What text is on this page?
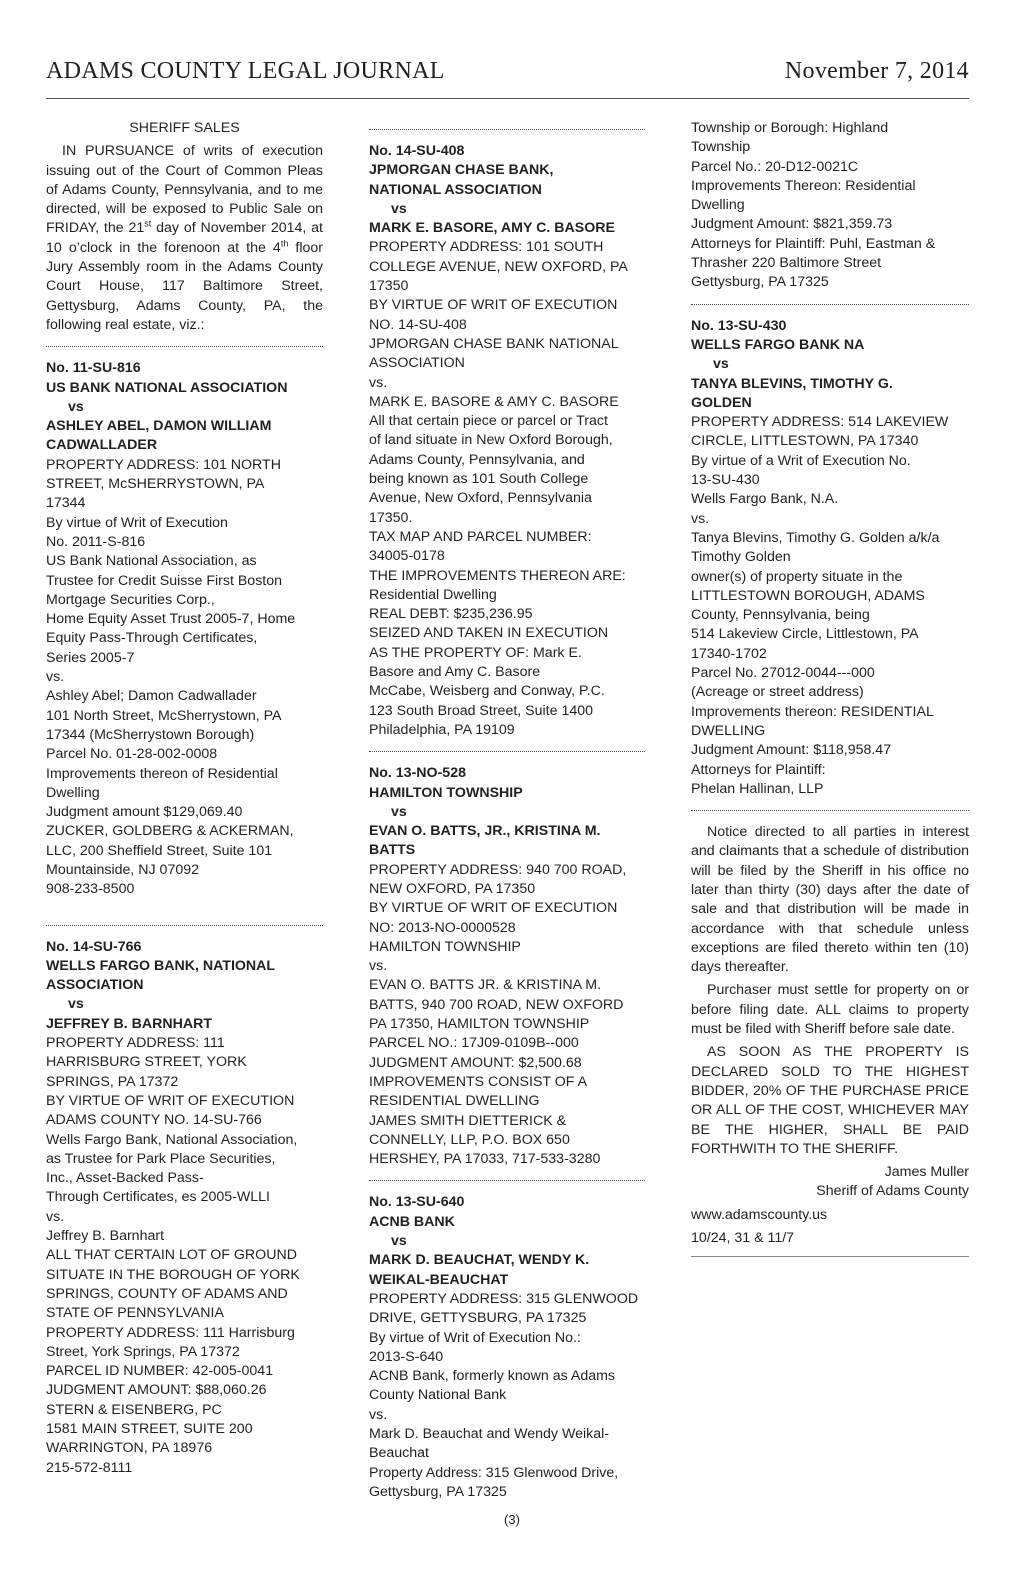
ADAMS COUNTY LEGAL JOURNAL	November 7, 2014
SHERIFF SALES
IN PURSUANCE of writs of execution issuing out of the Court of Common Pleas of Adams County, Pennsylvania, and to me directed, will be exposed to Public Sale on FRIDAY, the 21st day of November 2014, at 10 o’clock in the forenoon at the 4th floor Jury Assembly room in the Adams County Court House, 117 Baltimore Street, Gettysburg, Adams County, PA, the following real estate, viz.:
No. 11-SU-816
US BANK NATIONAL ASSOCIATION
vs
ASHLEY ABEL, DAMON WILLIAM
CADWALLADER
PROPERTY ADDRESS: 101 NORTH
STREET, McSHERRYSTOWN, PA
17344
By virtue of Writ of Execution
No. 2011-S-816
US Bank National Association, as
Trustee for Credit Suisse First Boston
Mortgage Securities Corp.,
Home Equity Asset Trust 2005-7, Home
Equity Pass-Through Certificates,
Series 2005-7
vs.
Ashley Abel; Damon Cadwallader
101 North Street, McSherrystown, PA
17344 (McSherrystown Borough)
Parcel No. 01-28-002-0008
Improvements thereon of Residential
Dwelling
Judgment amount $129,069.40
ZUCKER, GOLDBERG & ACKERMAN,
LLC, 200 Sheffield Street, Suite 101
Mountainside, NJ 07092
908-233-8500
No. 14-SU-766
WELLS FARGO BANK, NATIONAL
ASSOCIATION
vs
JEFFREY B. BARNHART
PROPERTY ADDRESS: 111
HARRISBURG STREET, YORK
SPRINGS, PA 17372
BY VIRTUE OF WRIT OF EXECUTION
ADAMS COUNTY NO. 14-SU-766
Wells Fargo Bank, National Association,
as Trustee for Park Place Securities,
Inc., Asset-Backed Pass-
Through Certificates, es 2005-WLLI
vs.
Jeffrey B. Barnhart
ALL THAT CERTAIN LOT OF GROUND
SITUATE IN THE BOROUGH OF YORK
SPRINGS, COUNTY OF ADAMS AND
STATE OF PENNSYLVANIA
PROPERTY ADDRESS: 111 Harrisburg
Street, York Springs, PA 17372
PARCEL ID NUMBER: 42-005-0041
JUDGMENT AMOUNT: $88,060.26
STERN & EISENBERG, PC
1581 MAIN STREET, SUITE 200
WARRINGTON, PA 18976
215-572-8111
No. 14-SU-408
JPMORGAN CHASE BANK,
NATIONAL ASSOCIATION
vs
MARK E. BASORE, AMY C. BASORE
PROPERTY ADDRESS: 101 SOUTH
COLLEGE AVENUE, NEW OXFORD, PA
17350
BY VIRTUE OF WRIT OF EXECUTION
NO. 14-SU-408
JPMORGAN CHASE BANK NATIONAL
ASSOCIATION
vs.
MARK E. BASORE & AMY C. BASORE
All that certain piece or parcel or Tract
of land situate in New Oxford Borough,
Adams County, Pennsylvania, and
being known as 101 South College
Avenue, New Oxford, Pennsylvania
17350.
TAX MAP AND PARCEL NUMBER:
34005-0178
THE IMPROVEMENTS THEREON ARE:
Residential Dwelling
REAL DEBT: $235,236.95
SEIZED AND TAKEN IN EXECUTION
AS THE PROPERTY OF: Mark E.
Basore and Amy C. Basore
McCabe, Weisberg and Conway, P.C.
123 South Broad Street, Suite 1400
Philadelphia, PA 19109
No. 13-NO-528
HAMILTON TOWNSHIP
vs
EVAN O. BATTS, JR., KRISTINA M.
BATTS
PROPERTY ADDRESS: 940 700 ROAD,
NEW OXFORD, PA 17350
BY VIRTUE OF WRIT OF EXECUTION
NO: 2013-NO-0000528
HAMILTON TOWNSHIP
vs.
EVAN O. BATTS JR. & KRISTINA M.
BATTS, 940 700 ROAD, NEW OXFORD
PA 17350, HAMILTON TOWNSHIP
PARCEL NO.: 17J09-0109B--000
JUDGMENT AMOUNT: $2,500.68
IMPROVEMENTS CONSIST OF A
RESIDENTIAL DWELLING
JAMES SMITH DIETTERICK &
CONNELLY, LLP, P.O. BOX 650
HERSHEY, PA 17033, 717-533-3280
No. 13-SU-640
ACNB BANK
vs
MARK D. BEAUCHAT, WENDY K.
WEIKAL-BEAUCHAT
PROPERTY ADDRESS: 315 GLENWOOD
DRIVE, GETTYSBURG, PA 17325
By virtue of Writ of Execution No.:
2013-S-640
ACNB Bank, formerly known as Adams
County National Bank
vs.
Mark D. Beauchat and Wendy Weikal-
Beauchat
Property Address: 315 Glenwood Drive,
Gettysburg, PA 17325
Township or Borough: Highland
Township
Parcel No.: 20-D12-0021C
Improvements Thereon: Residential
Dwelling
Judgment Amount: $821,359.73
Attorneys for Plaintiff: Puhl, Eastman &
Thrasher 220 Baltimore Street
Gettysburg, PA 17325
No. 13-SU-430
WELLS FARGO BANK NA
vs
TANYA BLEVINS, TIMOTHY G.
GOLDEN
PROPERTY ADDRESS: 514 LAKEVIEW
CIRCLE, LITTLESTOWN, PA 17340
By virtue of a Writ of Execution No.
13-SU-430
Wells Fargo Bank, N.A.
vs.
Tanya Blevins, Timothy G. Golden a/k/a
Timothy Golden
owner(s) of property situate in the
LITTLESTOWN BOROUGH, ADAMS
County, Pennsylvania, being
514 Lakeview Circle, Littlestown, PA
17340-1702
Parcel No. 27012-0044---000
(Acreage or street address)
Improvements thereon: RESIDENTIAL
DWELLING
Judgment Amount: $118,958.47
Attorneys for Plaintiff:
Phelan Hallinan, LLP
Notice directed to all parties in interest and claimants that a schedule of distribution will be filed by the Sheriff in his office no later than thirty (30) days after the date of sale and that distribution will be made in accordance with that schedule unless exceptions are filed thereto within ten (10) days thereafter.
Purchaser must settle for property on or before filing date. ALL claims to property must be filed with Sheriff before sale date.
AS SOON AS THE PROPERTY IS DECLARED SOLD TO THE HIGHEST BIDDER, 20% OF THE PURCHASE PRICE OR ALL OF THE COST, WHICHEVER MAY BE THE HIGHER, SHALL BE PAID FORTHWITH TO THE SHERIFF.
James Muller
Sheriff of Adams County
www.adamscounty.us
10/24, 31 & 11/7
(3)
